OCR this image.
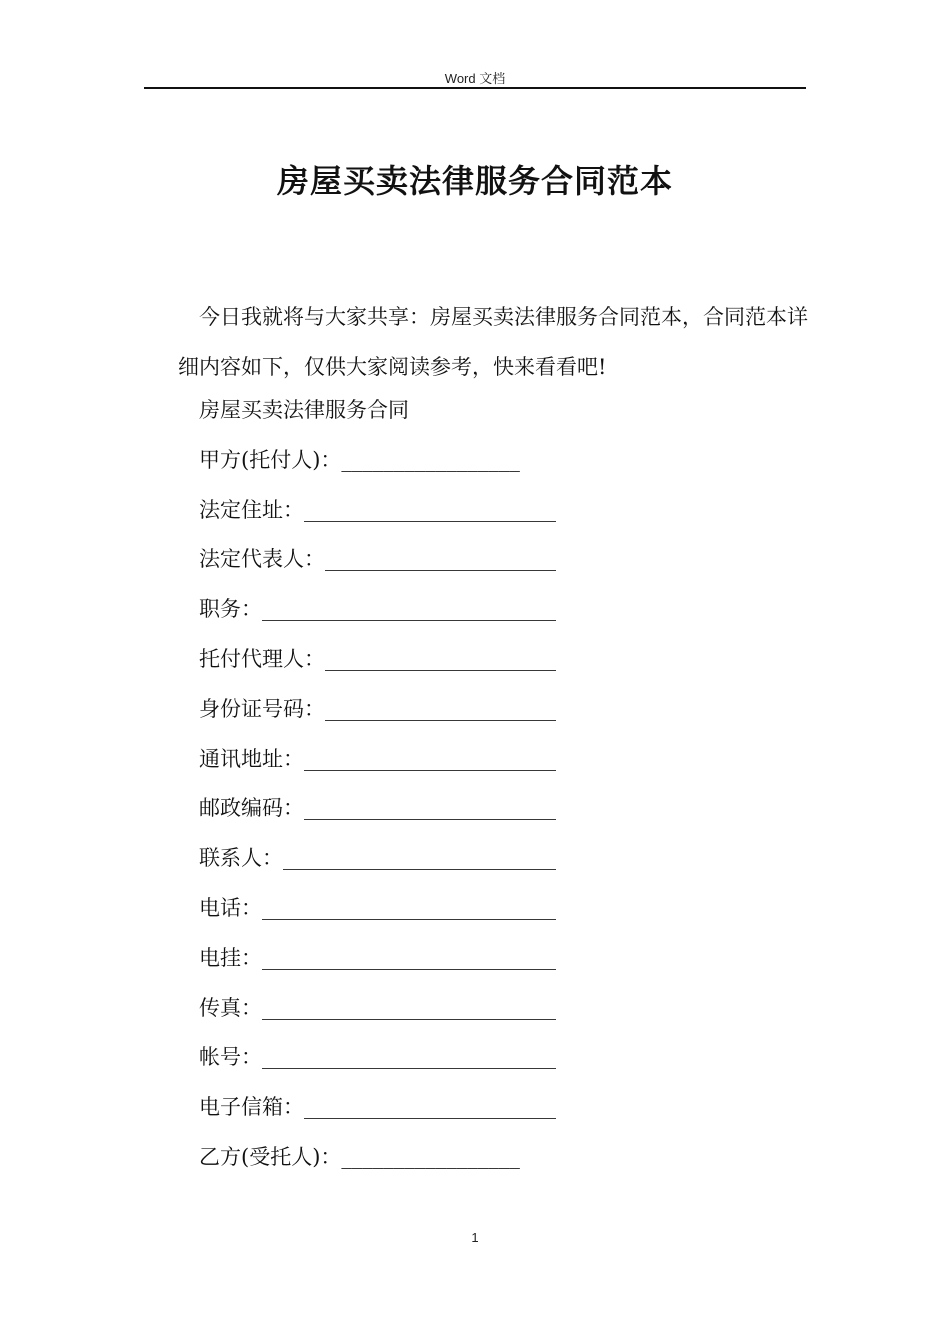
Word 文档
房屋买卖法律服务合同范本

今日我就将与大家共享：房屋买卖法律服务合同范本，合同范本详细内容如下，仅供大家阅读参考，快来看看吧!

房屋买卖法律服务合同
甲方(托付人)：_________________
法定住址：________________________
法定代表人：______________________
职务：____________________________
托付代理人：______________________
身份证号码：______________________
通讯地址：________________________
邮政编码：________________________
联系人：__________________________
电话：____________________________
电挂：____________________________
传真：____________________________
帐号：____________________________
电子信箱：________________________
乙方(受托人)：_________________
1
